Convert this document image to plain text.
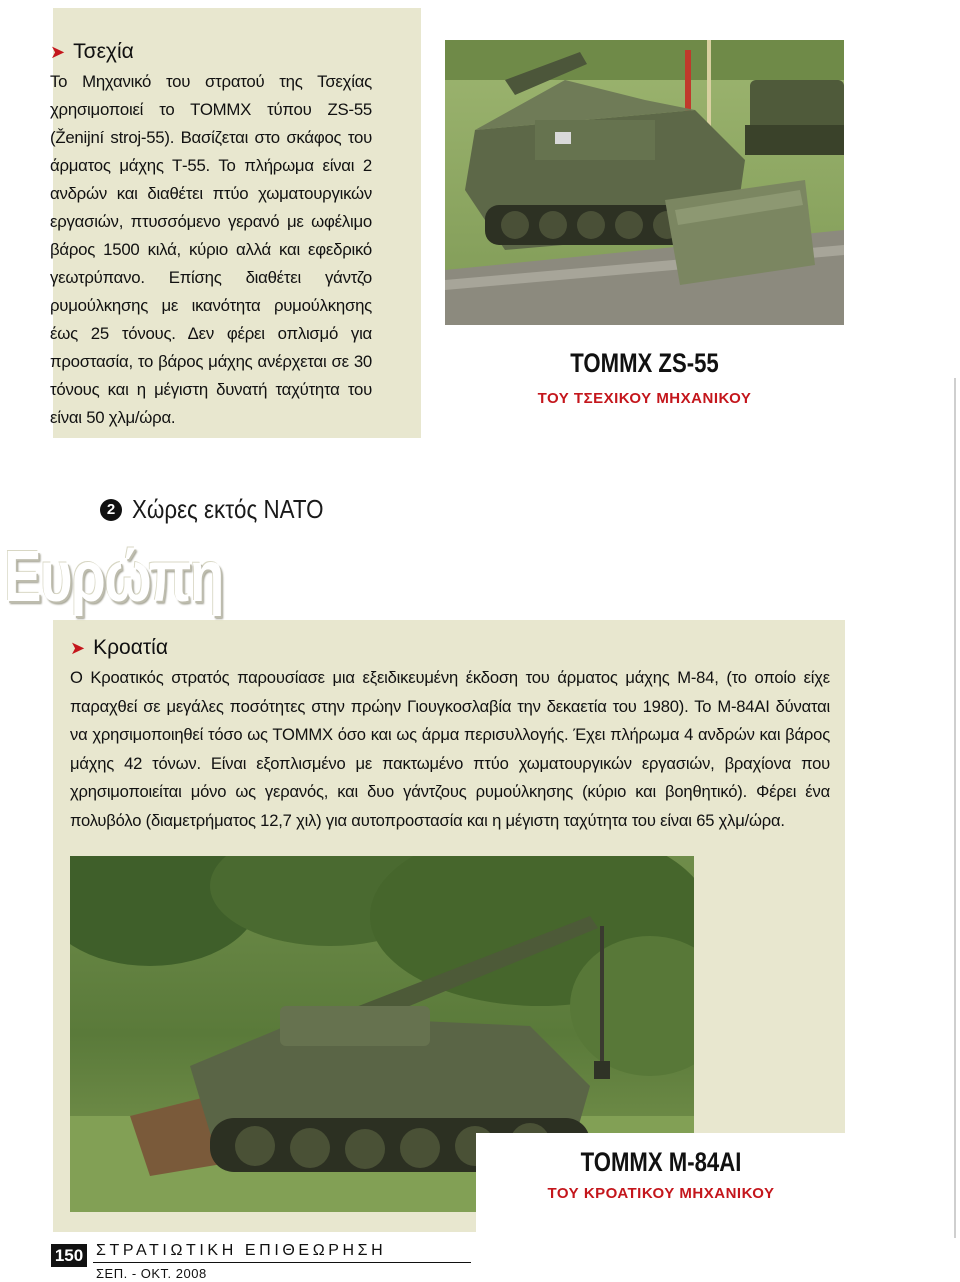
➤ Τσεχία

Το Μηχανικό του στρατού της Τσεχίας χρησιμοποιεί το ΤΟΜΜΧ τύπου ZS-55 (Ženijní stroj-55). Βασίζεται στο σκάφος του άρματος μάχης Τ-55. Το πλήρωμα είναι 2 ανδρών και διαθέτει πτύο χωματουργικών εργασιών, πτυσσόμενο γερανό με ωφέλιμο βάρος 1500 κιλά, κύριο αλλά και εφεδρικό γεωτρύπανο. Επίσης διαθέτει γάντζο ρυμούλκησης με ικανότητα ρυμούλκησης έως 25 τόνους. Δεν φέρει οπλισμό για προστασία, το βάρος μάχης ανέρχεται σε 30 τόνους και η μέγιστη δυνατή ταχύτητα του είναι 50 χλμ/ώρα.

ΤΟΜΜΧ ZS-55
ΤΟΥ ΤΣΕΧΙΚΟΥ ΜΗΧΑΝΙΚΟΥ
2 Χώρες εκτός ΝΑΤΟ
Ευρώπη
➤ Κροατία

Ο Κροατικός στρατός παρουσίασε μια εξειδικευμένη έκδοση του άρματος μάχης Μ-84, (το οποίο είχε παραχθεί σε μεγάλες ποσότητες στην πρώην Γιουγκοσλαβία την δεκαετία του 1980). Το Μ-84AI δύναται να χρησιμοποιηθεί τόσο ως ΤΟΜΜΧ όσο και ως άρμα περισυλλογής. Έχει πλήρωμα 4 ανδρών και βάρος μάχης 42 τόνων. Είναι εξοπλισμένο με πακτωμένο πτύο χωματουργικών εργασιών, βραχίονα που χρησιμοποιείται μόνο ως γερανός, και δυο γάντζους ρυμούλκησης (κύριο και βοηθητικό). Φέρει ένα πολυβόλο (διαμετρήματος 12,7 χιλ) για αυτοπροστασία και η μέγιστη ταχύτητα του είναι 65 χλμ/ώρα.

ΤΟΜΜΧ Μ-84AI
ΤΟΥ ΚΡΟΑΤΙΚΟΥ ΜΗΧΑΝΙΚΟΥ
150 ΣΤΡΑΤΙΩΤΙΚΗ ΕΠΙΘΕΩΡΗΣΗ
ΣΕΠ. - ΟΚΤ. 2008
